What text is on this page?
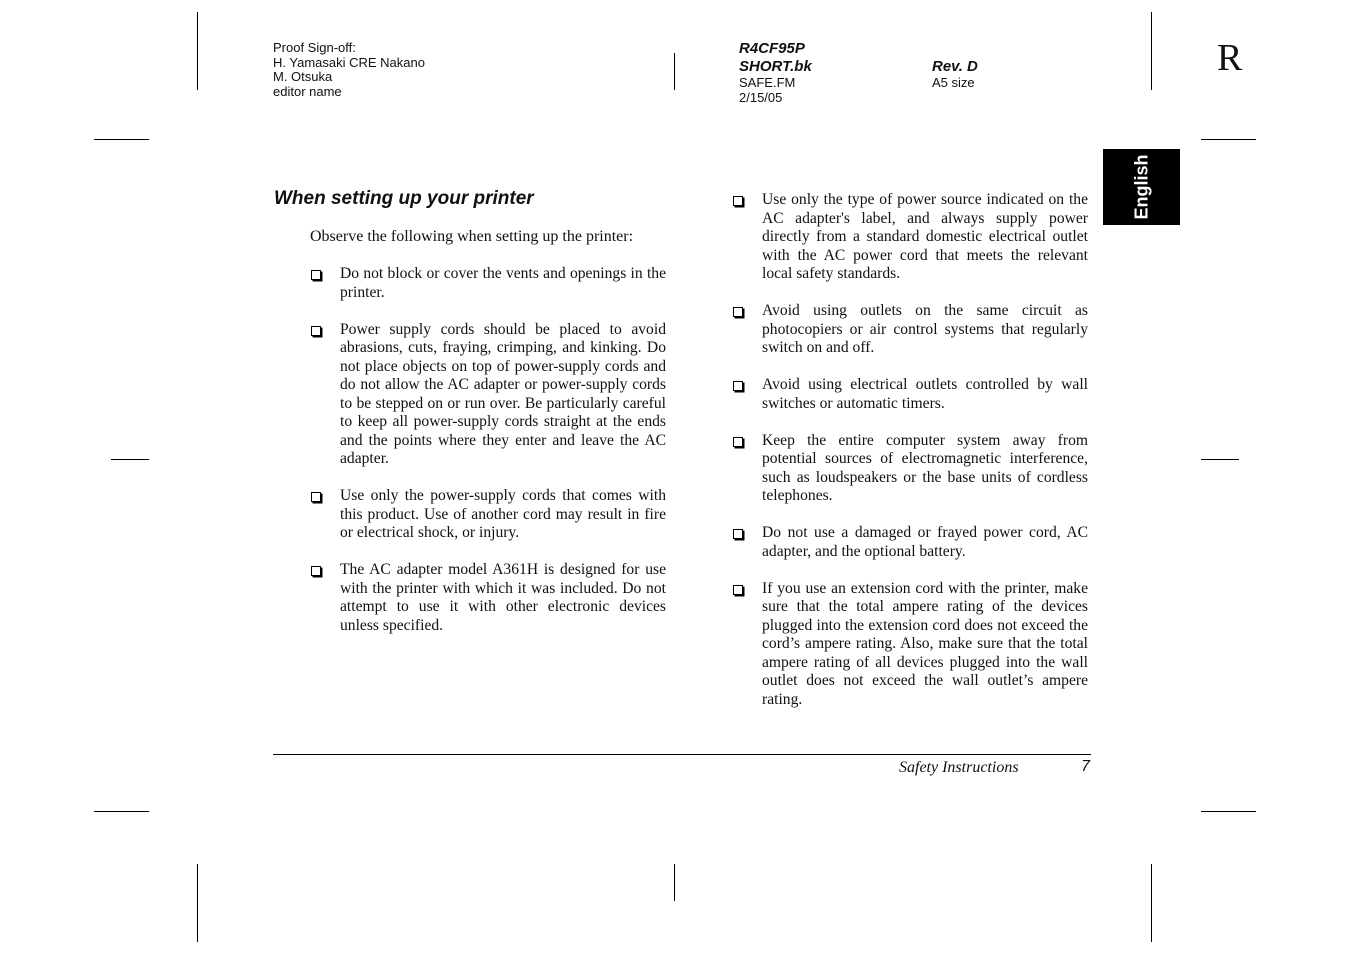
Proof Sign-off:
H. Yamasaki CRE Nakano
M. Otsuka
editor name
R4CF95P
SHORT.bk
SAFE.FM
2/15/05
Rev. D
A5 size
R
English
When setting up your printer
Observe the following when setting up the printer:
Do not block or cover the vents and openings in the printer.
Power supply cords should be placed to avoid abrasions, cuts, fraying, crimping, and kinking. Do not place objects on top of power-supply cords and do not allow the AC adapter or power-supply cords to be stepped on or run over. Be particularly careful to keep all power-supply cords straight at the ends and the points where they enter and leave the AC adapter.
Use only the power-supply cords that comes with this product. Use of another cord may result in fire or electrical shock, or injury.
The AC adapter model A361H is designed for use with the printer with which it was included. Do not attempt to use it with other electronic devices unless specified.
Use only the type of power source indicated on the AC adapter's label, and always supply power directly from a standard domestic electrical outlet with the AC power cord that meets the relevant local safety standards.
Avoid using outlets on the same circuit as photocopiers or air control systems that regularly switch on and off.
Avoid using electrical outlets controlled by wall switches or automatic timers.
Keep the entire computer system away from potential sources of electromagnetic interference, such as loudspeakers or the base units of cordless telephones.
Do not use a damaged or frayed power cord, AC adapter, and the optional battery.
If you use an extension cord with the printer, make sure that the total ampere rating of the devices plugged into the extension cord does not exceed the cord’s ampere rating. Also, make sure that the total ampere rating of all devices plugged into the wall outlet does not exceed the wall outlet’s ampere rating.
Safety Instructions	7
